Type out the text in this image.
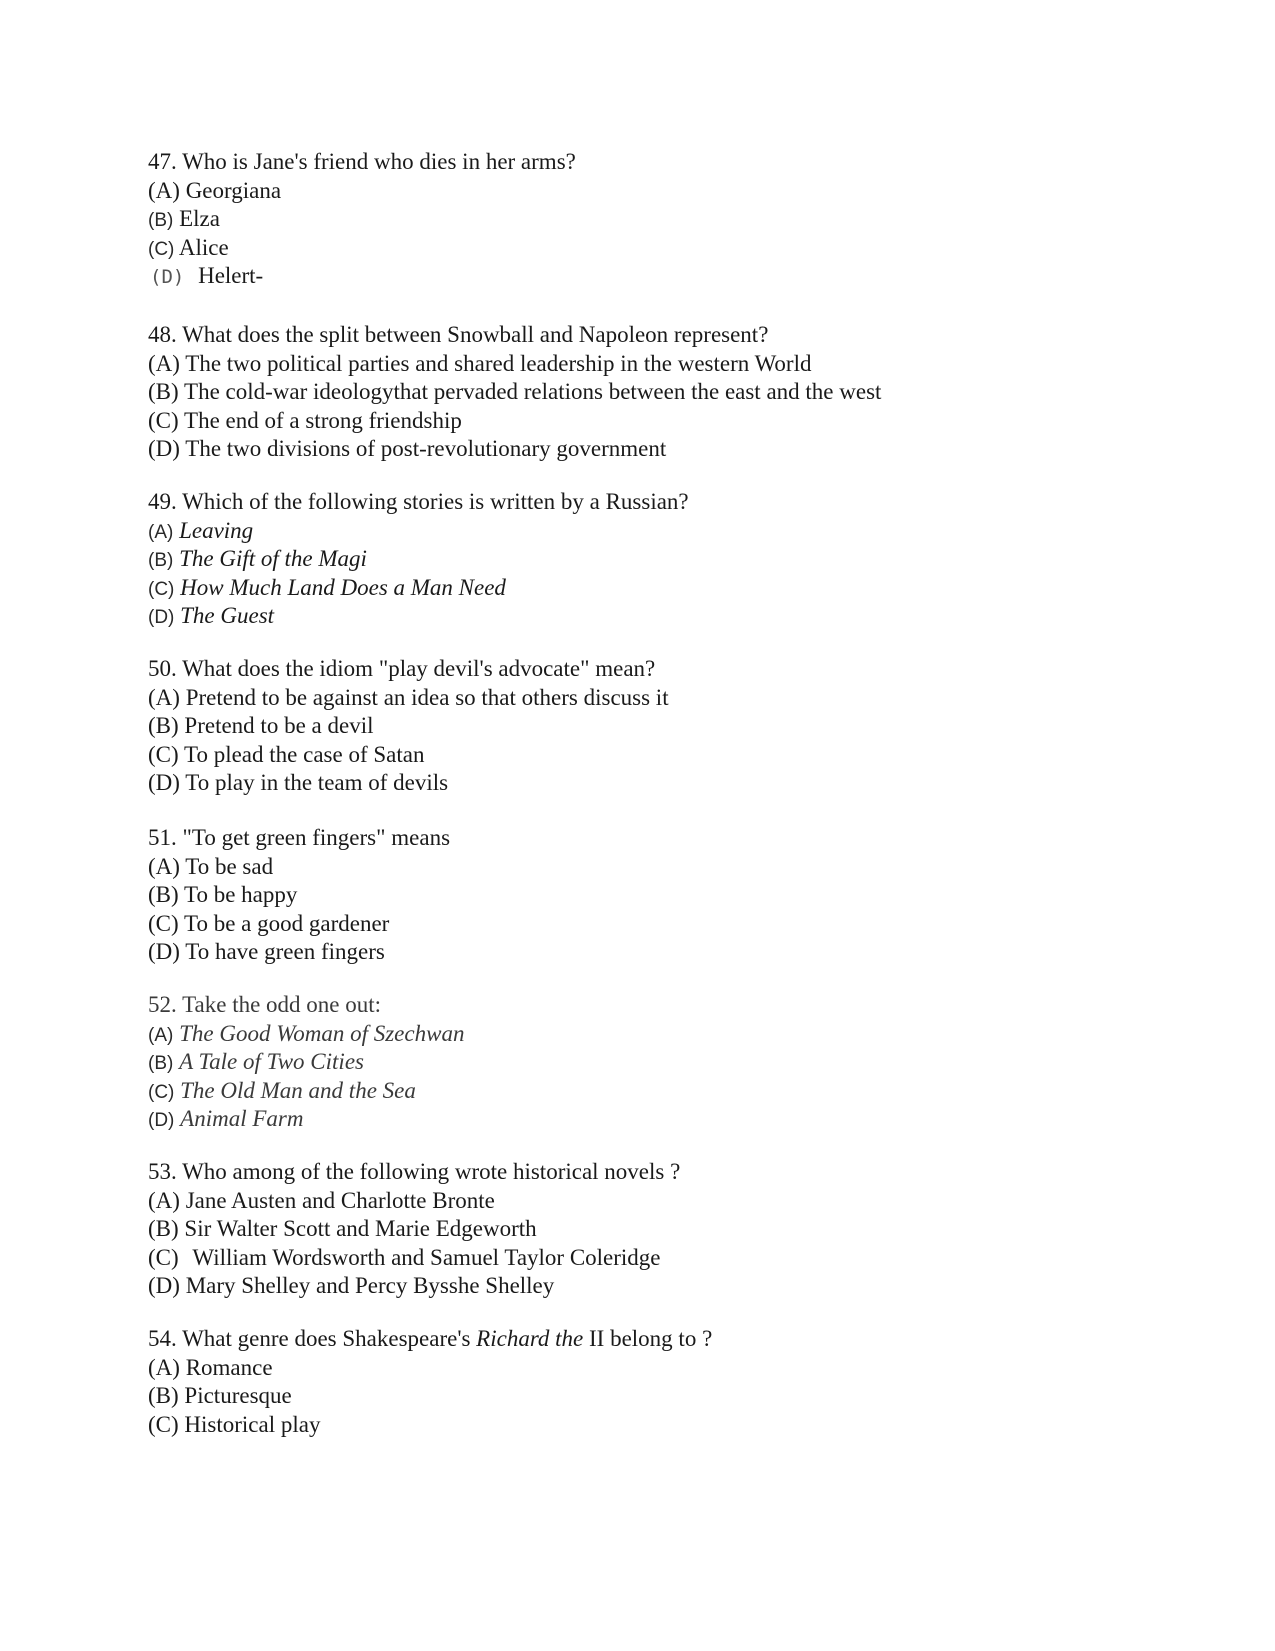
47. Who is Jane's friend who dies in her arms?
(A) Georgiana
(B) Elza
(C) Alice
(D) Helert-
48. What does the split between Snowball and Napoleon represent?
(A) The two political parties and shared leadership in the western World
(B) The cold-war ideologythat pervaded relations between the east and the west
(C) The end of a strong friendship
(D) The two divisions of post-revolutionary government
49. Which of the following stories is written by a Russian?
(A) Leaving
(B) The Gift of the Magi
(C) How Much Land Does a Man Need
(D) The Guest
50. What does the idiom "play devil's advocate" mean?
(A) Pretend to be against an idea so that others discuss it
(B) Pretend to be a devil
(C) To plead the case of Satan
(D) To play in the team of devils
51. "To get green fingers" means
(A) To be sad
(B) To be happy
(C) To be a good gardener
(D) To have green fingers
52. Take the odd one out:
(A) The Good Woman of Szechwan
(B) A Tale of Two Cities
(C) The Old Man and the Sea
(D) Animal Farm
53. Who among of the following wrote historical novels ?
(A) Jane Austen and Charlotte Bronte
(B) Sir Walter Scott and Marie Edgeworth
(C) William Wordsworth and Samuel Taylor Coleridge
(D) Mary Shelley and Percy Bysshe Shelley
54. What genre does Shakespeare's Richard the II belong to ?
(A) Romance
(B) Picturesque
(C) Historical play
